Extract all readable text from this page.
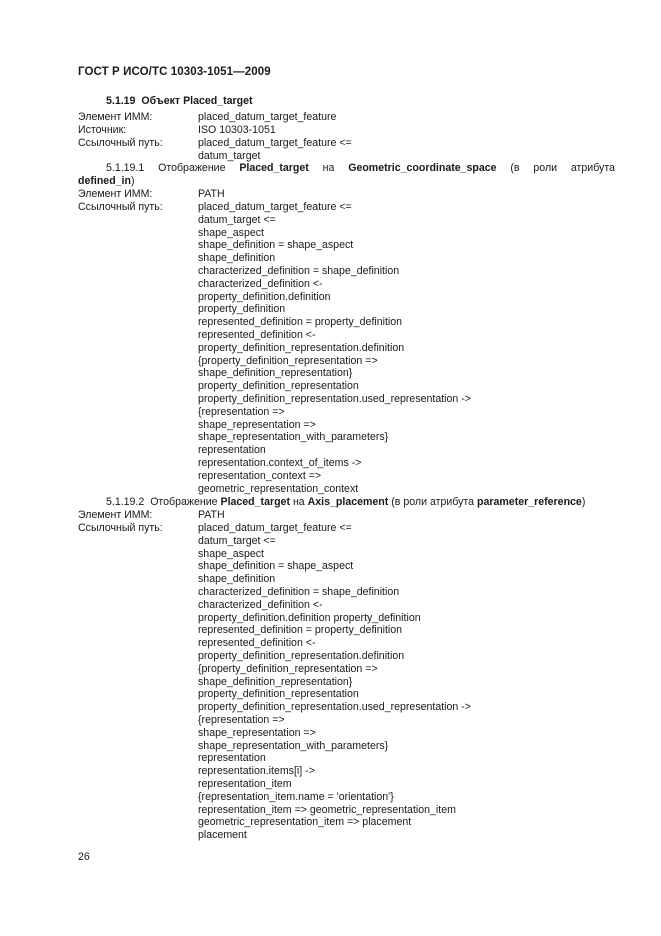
ГОСТ Р ИСО/ТС 10303-1051—2009
5.1.19 Объект Placed_target
Элемент ИММ:	placed_datum_target_feature
Источник:	ISO 10303-1051
Ссылочный путь:	placed_datum_target_feature <=
datum_target
5.1.19.1 Отображение Placed_target на Geometric_coordinate_space (в роли атрибута
defined_in)
Элемент ИММ:	PATH
Ссылочный путь:	placed_datum_target_feature <=
datum_target <=
shape_aspect
shape_definition = shape_aspect
shape_definition
characterized_definition = shape_definition
characterized_definition <-
property_definition.definition
property_definition
represented_definition = property_definition
represented_definition <-
property_definition_representation.definition
{property_definition_representation =>
shape_definition_representation}
property_definition_representation
property_definition_representation.used_representation ->
{representation =>
shape_representation =>
shape_representation_with_parameters}
representation
representation.context_of_items ->
representation_context =>
geometric_representation_context
5.1.19.2 Отображение Placed_target на Axis_placement (в роли атрибута parameter_reference)
Элемент ИММ:	PATH
Ссылочный путь:	placed_datum_target_feature <=
datum_target <=
shape_aspect
shape_definition = shape_aspect
shape_definition
characterized_definition = shape_definition
characterized_definition <-
property_definition.definition property_definition
represented_definition = property_definition
represented_definition <-
property_definition_representation.definition
{property_definition_representation =>
shape_definition_representation}
property_definition_representation
property_definition_representation.used_representation ->
{representation =>
shape_representation =>
shape_representation_with_parameters}
representation
representation.items[i] ->
representation_item
{representation_item.name = 'orientation'}
representation_item => geometric_representation_item
geometric_representation_item => placement
placement
26
